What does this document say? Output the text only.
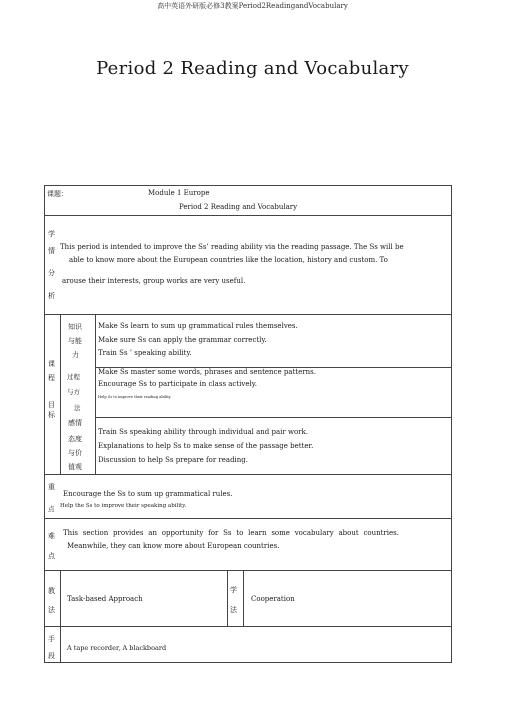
高中英语外研版必修3教案Period2ReadingandVocabulary
Period 2 Reading and Vocabulary
课题：	Module 1 Europe
Period 2 Reading and Vocabulary
学
情
分
析
This period is intended to improve the Ss’ reading ability via the reading passage. The Ss will be
able to know more about the European countries like the location, history and custom. To
arouse their interests, group works are very useful.
课
程
目
标
知识
与能
力
Make Ss learn to sum up grammatical rules themselves.
Make sure Ss can apply the grammar correctly.
Train Ss ’ speaking ability.
过程
与方
法
Make Ss master some words, phrases and sentence patterns.
Encourage Ss to participate in class actively.
Help Ss to improve their reading ability.
感情
态度
与价
值观
Train Ss speaking ability through individual and pair work.
Explanations to help Ss to make sense of the passage better.
Discussion to help Ss prepare for reading.
重
点
Encourage the Ss to sum up grammatical rules.
Help the Ss to improve their speaking ability.
难
点
This section provides an opportunity for Ss to learn some vocabulary about countries.
Meanwhile, they can know more about European countries.
教
法
Task-based Approach
学
法
Cooperation
手
段
A tape recorder, A blackboard
